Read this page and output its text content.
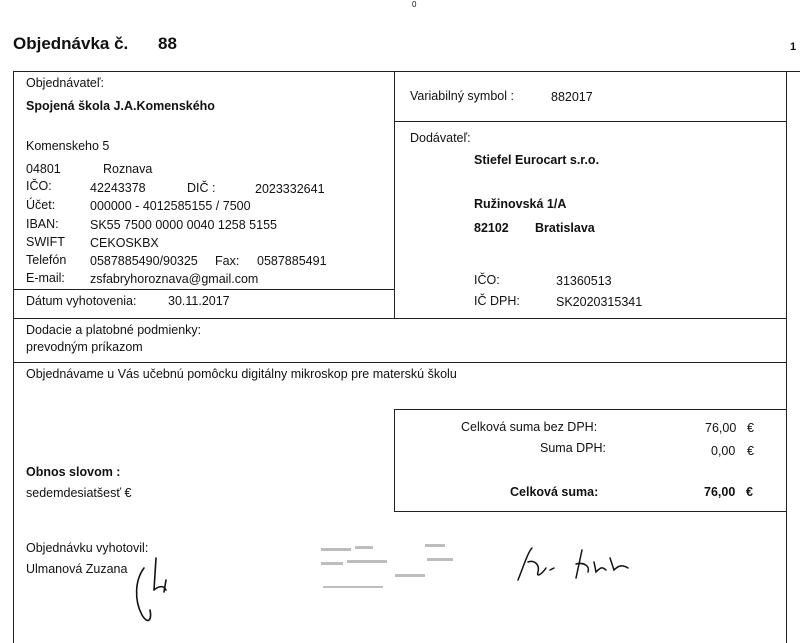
0
Objednávka č. 88	1
Objednávateľ:
Spojená škola J.A.Komenského
Komenskeho 5
04801	Roznava
IČO:	42243378	DIČ :	2023332641
Účet:	000000 - 4012585155 / 7500
IBAN:	SK55 7500 0000 0040 1258 5155
SWIFT CEKOSKBX
Telefón 0587885490/90325 Fax: 0587885491
E-mail: zsfabryhoroznava@gmail.com
Dátum vyhotovenia:	30.11.2017
Variabilný symbol :	882017
Dodávateľ:
Stiefel Eurocart s.r.o.
Ružinovská 1/A
82102 Bratislava
IČO:	31360513
IČ DPH:	SK2020315341
Dodacie a platobné podmienky:
prevodným príkazom
Objednávame u Vás učebnú pomôcku digitálny mikroskop pre materskú školu
Celková suma bez DPH:	76,00 €
Suma DPH:	0,00 €
Celková suma:	76,00 €
Obnos slovom :
sedemdesiatšesť €
Objednávku vyhotovil:
Ulmanová Zuzana
